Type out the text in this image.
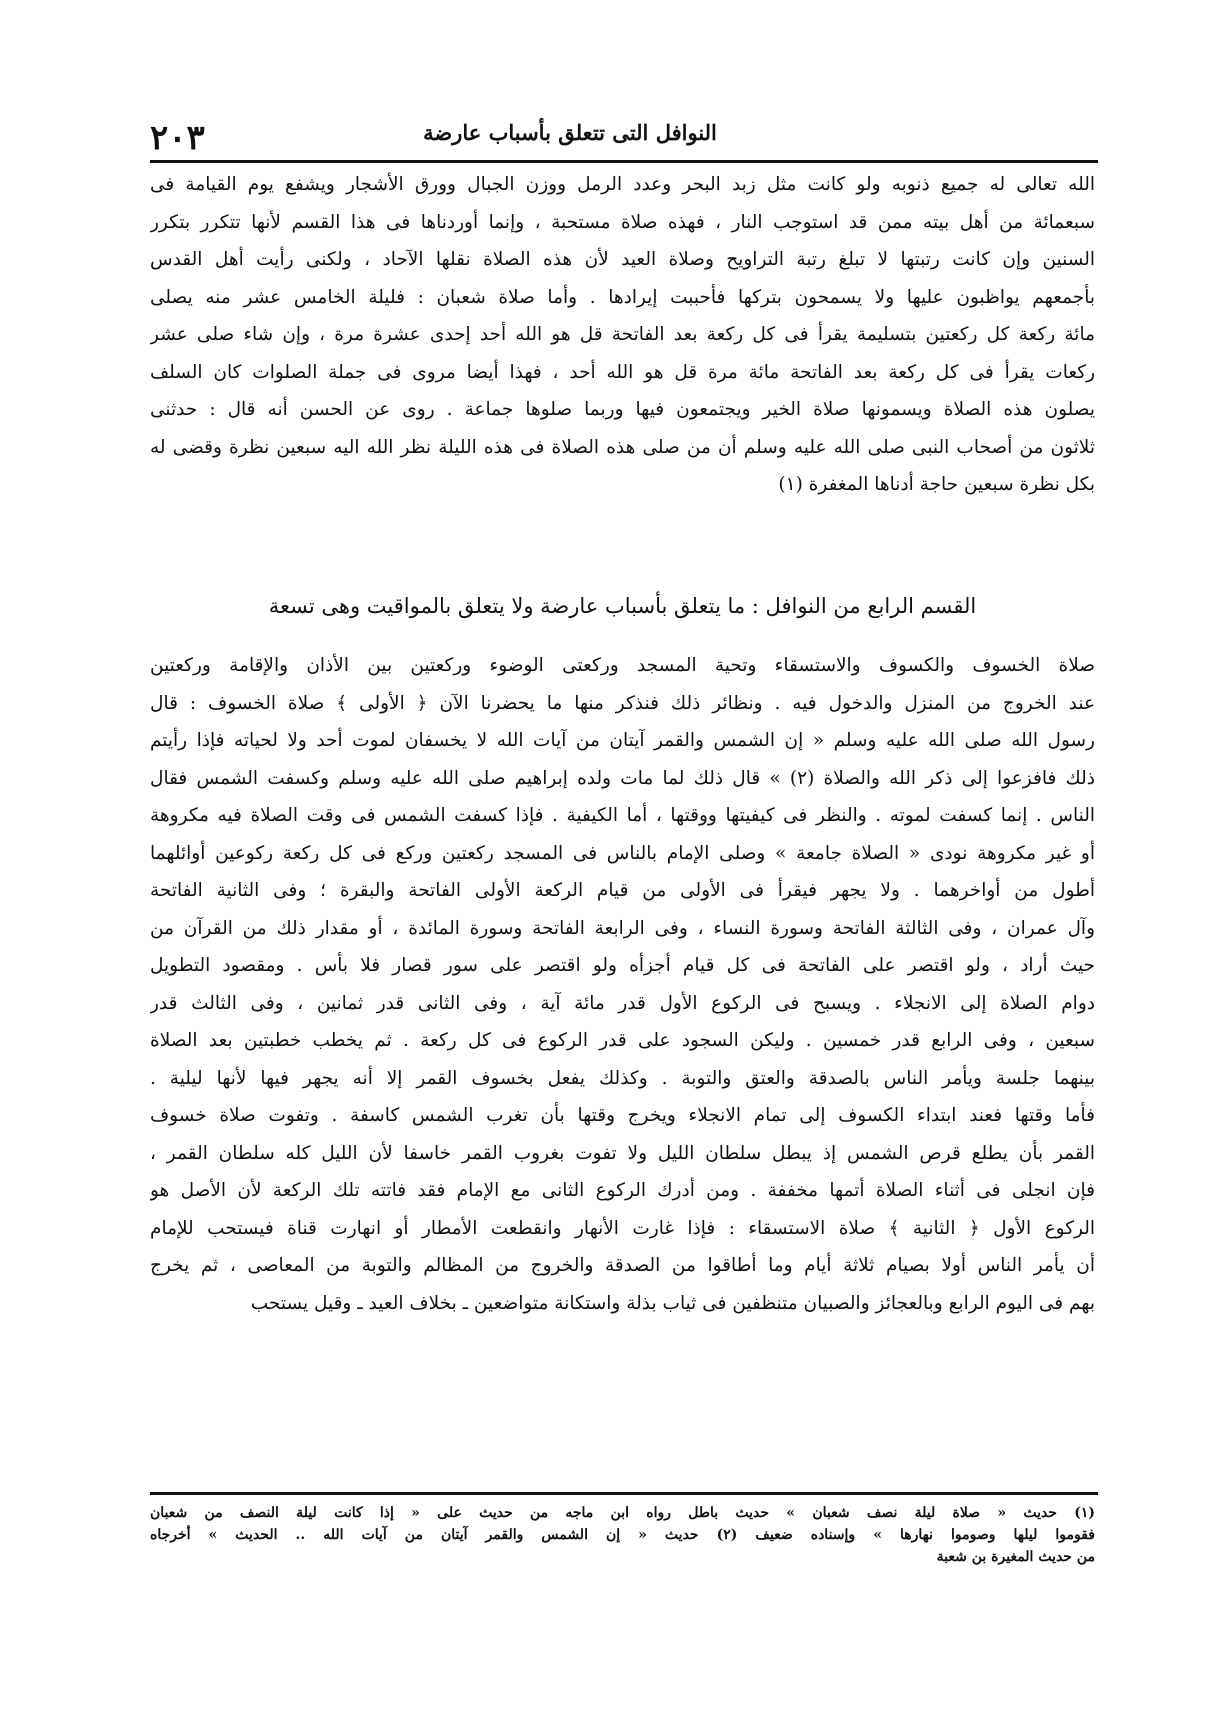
٢٠٣	النوافل التى تتعلق بأسباب عارضة
الله تعالى له جميع ذنوبه ولو كانت مثل زبد البحر وعدد الرمل ووزن الجبال وورق الأشجار ويشفع يوم القيامة فى
سبعمائة من أهل بيته ممن قد استوجب النار ، فهذه صلاة مستحبة ، وإنما أوردناها فى هذا القسم لأنها تتكرر بتكرر
السنين وإن كانت رتبتها لا تبلغ رتبة التراويح وصلاة العيد لأن هذه الصلاة نقلها الآحاد ، ولكنى رأيت أهل القدس
بأجمعهم يواظبون عليها ولا يسمحون بتركها فأحببت إيرادها . وأما صلاة شعبان : فليلة الخامس عشر منه يصلى
مائة ركعة كل ركعتين بتسليمة يقرأ فى كل ركعة بعد الفاتحة قل هو الله أحد إحدى عشرة مرة ، وإن شاء صلى عشر
ركعات يقرأ فى كل ركعة بعد الفاتحة مائة مرة قل هو الله أحد ، فهذا أيضا مروى فى جملة الصلوات كان السلف
يصلون هذه الصلاة ويسمونها صلاة الخير ويجتمعون فيها وربما صلوها جماعة . روى عن الحسن أنه قال : حدثنى
ثلاثون من أصحاب النبى صلى الله عليه وسلم أن من صلى هذه الصلاة فى هذه الليلة نظر الله اليه سبعين نظرة وقضى له
بكل نظرة سبعين حاجة أدناها المغفرة (١)
القسم الرابع من النوافل : ما يتعلق بأسباب عارضة ولا يتعلق بالمواقيت وهى تسعة
صلاة الخسوف والكسوف والاستسقاء وتحية المسجد وركعتى الوضوء وركعتين بين الأذان والإقامة وركعتين
عند الخروج من المنزل والدخول فيه . ونظائر ذلك فنذكر منها ما يحضرنا الآن ﴿ الأولى ﴾ صلاة الخسوف : قال
رسول الله صلى الله عليه وسلم « إن الشمس والقمر آيتان من آيات الله لا يخسفان لموت أحد ولا لحياته فإذا رأيتم
ذلك فافزعوا إلى ذكر الله والصلاة (٢) » قال ذلك لما مات ولده إبراهيم صلى الله عليه وسلم وكسفت الشمس فقال
الناس . إنما كسفت لموته . والنظر فى كيفيتها ووقتها ، أما الكيفية . فإذا كسفت الشمس فى وقت الصلاة فيه مكروهة
أو غير مكروهة نودى « الصلاة جامعة » وصلى الإمام بالناس فى المسجد ركعتين وركع فى كل ركعة ركوعين أوائلهما
أطول من أواخرهما . ولا يجهر فيقرأ فى الأولى من قيام الركعة الأولى الفاتحة والبقرة ؛ وفى الثانية الفاتحة
وآل عمران ، وفى الثالثة الفاتحة وسورة النساء ، وفى الرابعة الفاتحة وسورة المائدة ، أو مقدار ذلك من القرآن من
حيث أراد ، ولو اقتصر على الفاتحة فى كل قيام أجزأه ولو اقتصر على سور قصار فلا بأس . ومقصود التطويل
دوام الصلاة إلى الانجلاء . ويسبح فى الركوع الأول قدر مائة آية ، وفى الثانى قدر ثمانين ، وفى الثالث قدر
سبعين ، وفى الرابع قدر خمسين . وليكن السجود على قدر الركوع فى كل ركعة . ثم يخطب خطبتين بعد الصلاة
بينهما جلسة ويأمر الناس بالصدقة والعتق والتوبة . وكذلك يفعل بخسوف القمر إلا أنه يجهر فيها لأنها ليلية .
فأما وقتها فعند ابتداء الكسوف إلى تمام الانجلاء ويخرج وقتها بأن تغرب الشمس كاسفة . وتفوت صلاة خسوف
القمر بأن يطلع قرص الشمس إذ يبطل سلطان الليل ولا تفوت بغروب القمر خاسفا لأن الليل كله سلطان القمر ،
فإن انجلى فى أثناء الصلاة أتمها مخففة . ومن أدرك الركوع الثانى مع الإمام فقد فاتته تلك الركعة لأن الأصل هو
الركوع الأول ﴿ الثانية ﴾ صلاة الاستسقاء : فإذا غارت الأنهار وانقطعت الأمطار أو انهارت قناة فيستحب للإمام
أن يأمر الناس أولا بصيام ثلاثة أيام وما أطاقوا من الصدقة والخروج من المظالم والتوبة من المعاصى ، ثم يخرج
بهم فى اليوم الرابع وبالعجائز والصبيان متنظفين فى ثياب بذلة واستكانة متواضعين ـ بخلاف العيد ـ وقيل يستحب
(١) حديث « صلاة ليلة نصف شعبان » حديث باطل رواه ابن ماجه من حديث على « إذا كانت ليلة النصف من شعبان
فقوموا ليلها وصوموا نهارها » وإسناده ضعيف (٢) حديث « إن الشمس والقمر آيتان من آيات الله .. الحديث » أخرجاه
من حديث المغيرة بن شعبة
